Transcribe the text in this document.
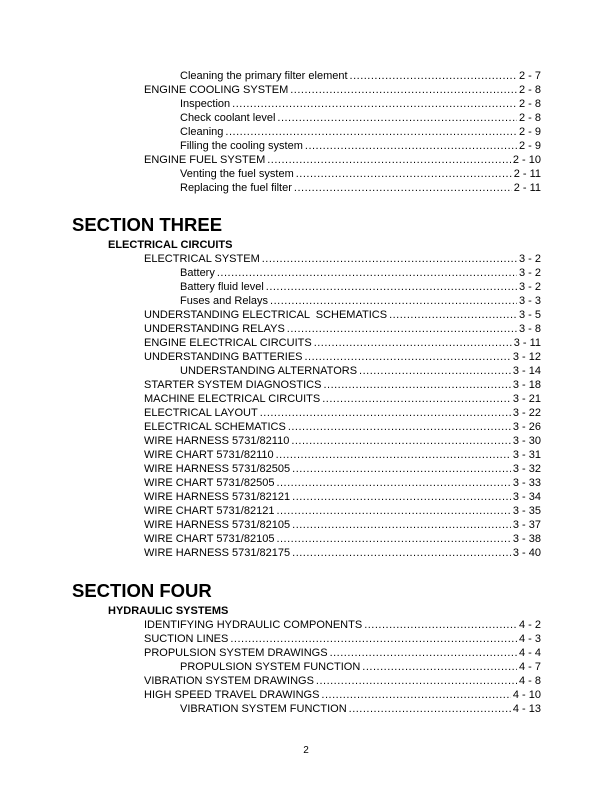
Cleaning the primary filter element .....	2 - 7
ENGINE COOLING SYSTEM .....	2 - 8
Inspection .....	2 - 8
Check coolant level .....	2 - 8
Cleaning .....	2 - 9
Filling the cooling system .....	2 - 9
ENGINE FUEL SYSTEM .....	2 - 10
Venting the fuel system .....	2 - 11
Replacing the fuel filter .....	2 - 11
SECTION THREE
ELECTRICAL CIRCUITS
ELECTRICAL SYSTEM .....	3 - 2
Battery .....	3 - 2
Battery fluid level .....	3 - 2
Fuses and Relays .....	3 - 3
UNDERSTANDING ELECTRICAL  SCHEMATICS .....	3 - 5
UNDERSTANDING RELAYS .....	3 - 8
ENGINE ELECTRICAL CIRCUITS .....	3 - 11
UNDERSTANDING BATTERIES .....	3 - 12
UNDERSTANDING ALTERNATORS .....	3 - 14
STARTER SYSTEM DIAGNOSTICS .....	3 - 18
MACHINE ELECTRICAL CIRCUITS .....	3 - 21
ELECTRICAL LAYOUT .....	3 - 22
ELECTRICAL SCHEMATICS .....	3 - 26
WIRE HARNESS 5731/82110 .....	3 - 30
WIRE CHART 5731/82110 .....	3 - 31
WIRE HARNESS 5731/82505 .....	3 - 32
WIRE CHART 5731/82505 .....	3 - 33
WIRE HARNESS 5731/82121 .....	3 - 34
WIRE CHART 5731/82121 .....	3 - 35
WIRE HARNESS 5731/82105 .....	3 - 37
WIRE CHART 5731/82105 .....	3 - 38
WIRE HARNESS 5731/82175 .....	3 - 40
SECTION FOUR
HYDRAULIC SYSTEMS
IDENTIFYING HYDRAULIC COMPONENTS .....	4 - 2
SUCTION LINES .....	4 - 3
PROPULSION SYSTEM DRAWINGS .....	4 - 4
PROPULSION SYSTEM FUNCTION .....	4 - 7
VIBRATION SYSTEM DRAWINGS .....	4 - 8
HIGH SPEED TRAVEL DRAWINGS .....	4 - 10
VIBRATION SYSTEM FUNCTION .....	4 - 13
2
